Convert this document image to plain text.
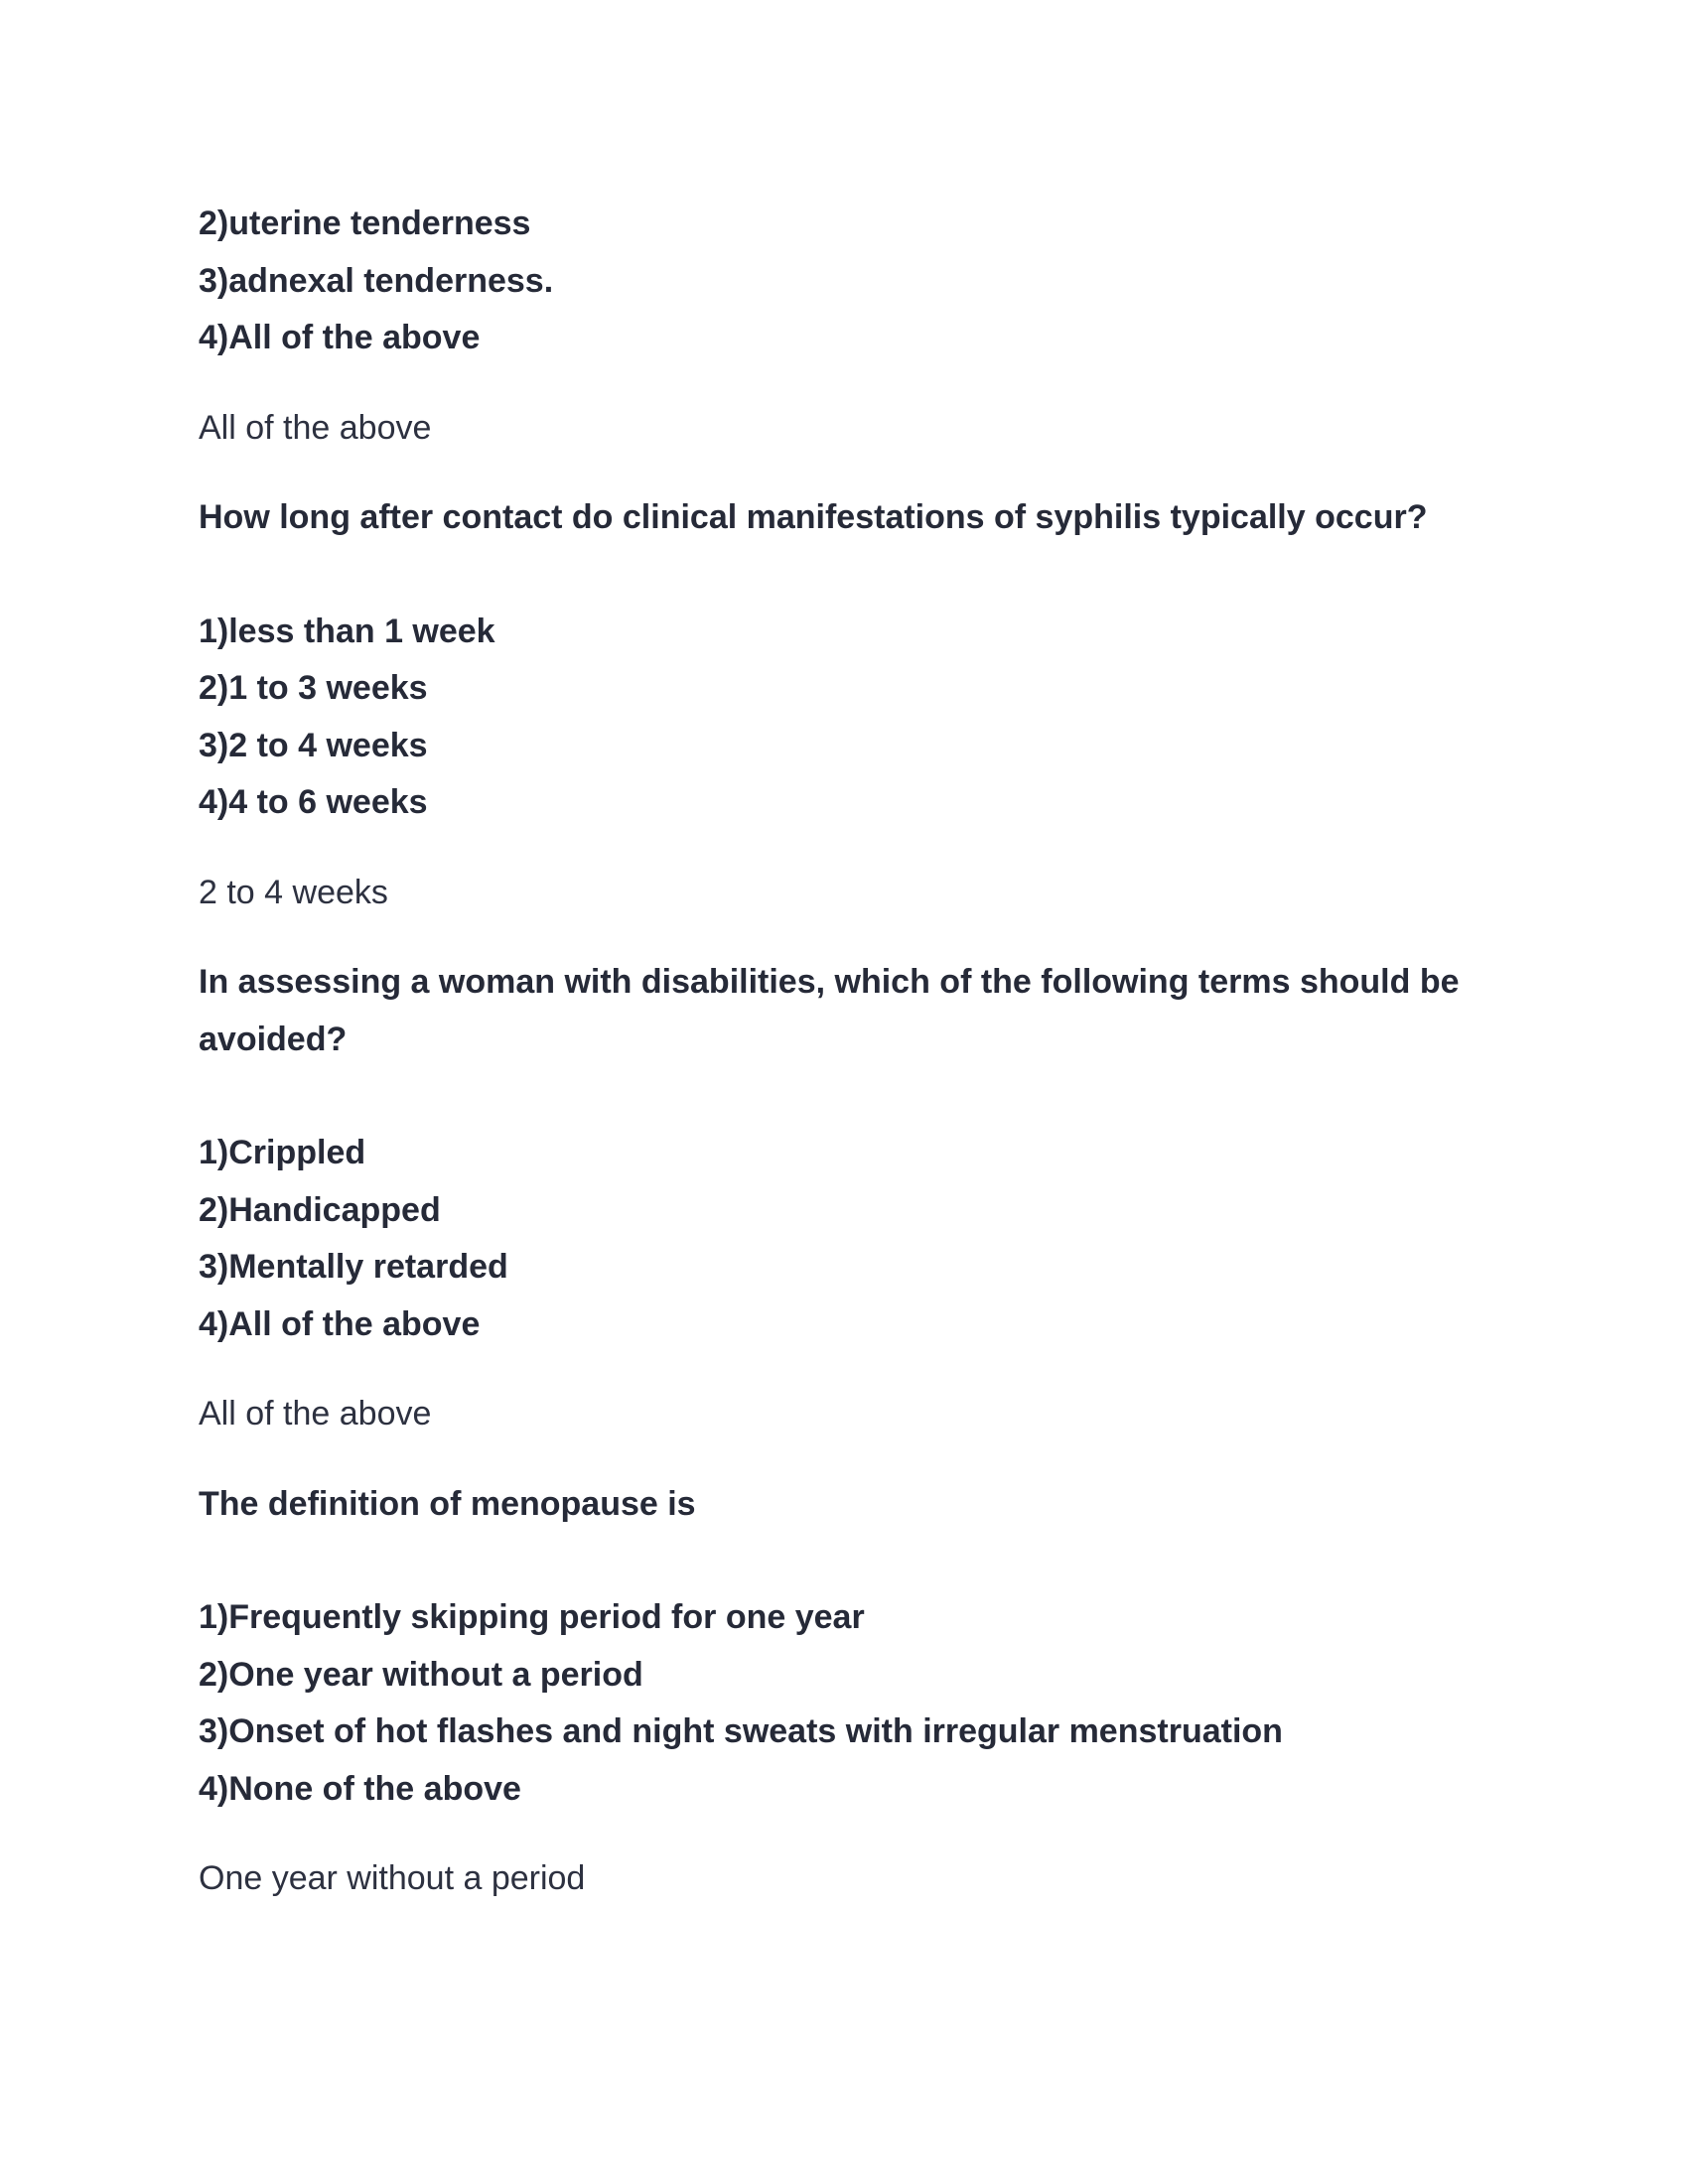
2)uterine tenderness

3)adnexal tenderness.

4)All of the above

All of the above

How long after contact do clinical manifestations of syphilis typically occur?

1)less than 1 week

2)1 to 3 weeks

3)2 to 4 weeks

4)4 to 6 weeks

2 to 4 weeks

In assessing a woman with disabilities, which of the following terms should be avoided?

1)Crippled

2)Handicapped

3)Mentally retarded

4)All of the above

All of the above

The definition of menopause is

1)Frequently skipping period for one year

2)One year without a period

3)Onset of hot flashes and night sweats with irregular menstruation

4)None of the above

One year without a period
